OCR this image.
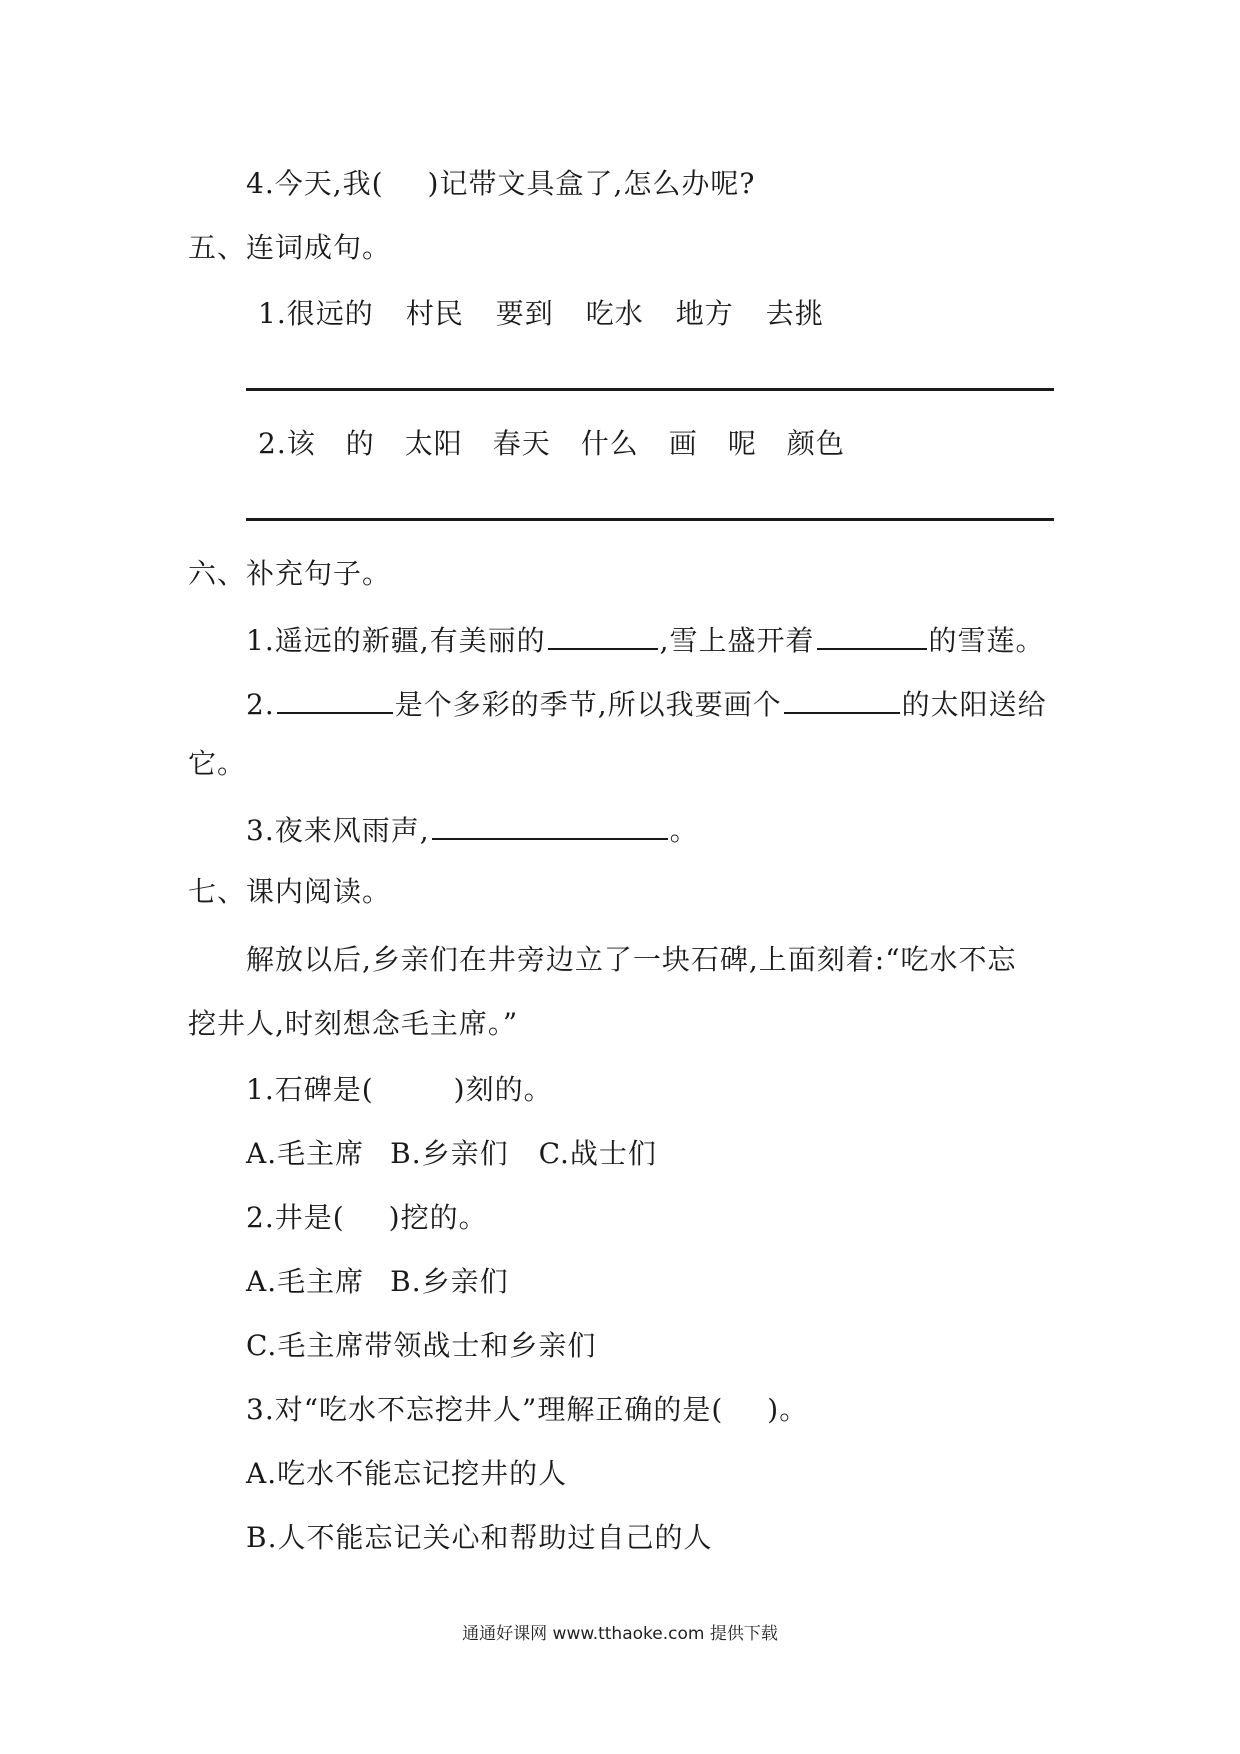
4.今天,我( )记带文具盒了,怎么办呢?
五、连词成句。
1.很远的 村民 要到 吃水 地方 去挑
2.该 的 太阳 春天 什么 画 呢 颜色
六、补充句子。
1.遥远的新疆,有美丽的	,雪上盛开着	的雪莲。
2.	是个多彩的季节,所以我要画个	的太阳送给
它。
3.夜来风雨声,	。
七、课内阅读。
解放以后,乡亲们在井旁边立了一块石碑,上面刻着:“吃水不忘
挖井人,时刻想念毛主席。”
1.石碑是(	)刻的。
A.毛主席 B.乡亲们 C.战士们
2.井是( )挖的。
A.毛主席 B.乡亲们
C.毛主席带领战士和乡亲们
3.对“吃水不忘挖井人”理解正确的是( )。
A.吃水不能忘记挖井的人
B.人不能忘记关心和帮助过自己的人
通通好课网 www.tthaoke.com 提供下载
